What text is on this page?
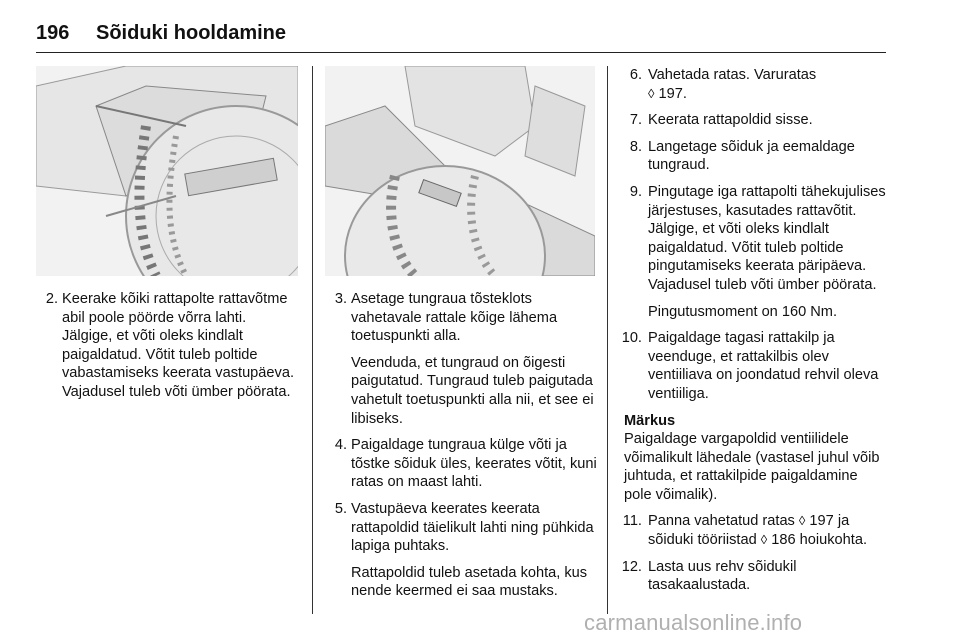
196 Sõiduki hooldamine
2. Keerake kõiki rattapolte rattavõtme abil poole pöörde võrra lahti. Jälgige, et võti oleks kindlalt paigaldatud. Võtit tuleb poltide vabastamiseks keerata vastupäeva. Vajadusel tuleb võti ümber pöörata.
3. Asetage tungraua tõsteklots vahetavale rattale kõige lähema toetuspunkti alla.
Veenduda, et tungraud on õigesti paigutatud. Tungraud tuleb paigutada vahetult toetuspunkti alla nii, et see ei libiseks.
4. Paigaldage tungraua külge võti ja tõstke sõiduk üles, keerates võtit, kuni ratas on maast lahti.
5. Vastupäeva keerates keerata rattapoldid täielikult lahti ning pühkida lapiga puhtaks.
Rattapoldid tuleb asetada kohta, kus nende keermed ei saa mustaks.
6. Vahetada ratas. Varuratas
◊ 197.
7. Keerata rattapoldid sisse.
8. Langetage sõiduk ja eemaldage tungraud.
9. Pingutage iga rattapolti tähekujulises järjestuses, kasutades rattavõtit. Jälgige, et võti oleks kindlalt paigaldatud. Võtit tuleb poltide pingutamiseks keerata päripäeva. Vajadusel tuleb võti ümber pöörata.
Pingutusmoment on 160 Nm.
10. Paigaldage tagasi rattakilp ja veenduge, et rattakilbis olev ventiiliava on joondatud rehvil oleva ventiiliga.
Märkus
Paigaldage vargapoldid ventiilidele võimalikult lähedale (vastasel juhul võib juhtuda, et rattakilpide paigaldamine pole võimalik).
11. Panna vahetatud ratas ◊ 197 ja sõiduki tööriistad ◊ 186 hoiukohta.
12. Lasta uus rehv sõidukil tasakaalustada.
carmanualsonline.info
